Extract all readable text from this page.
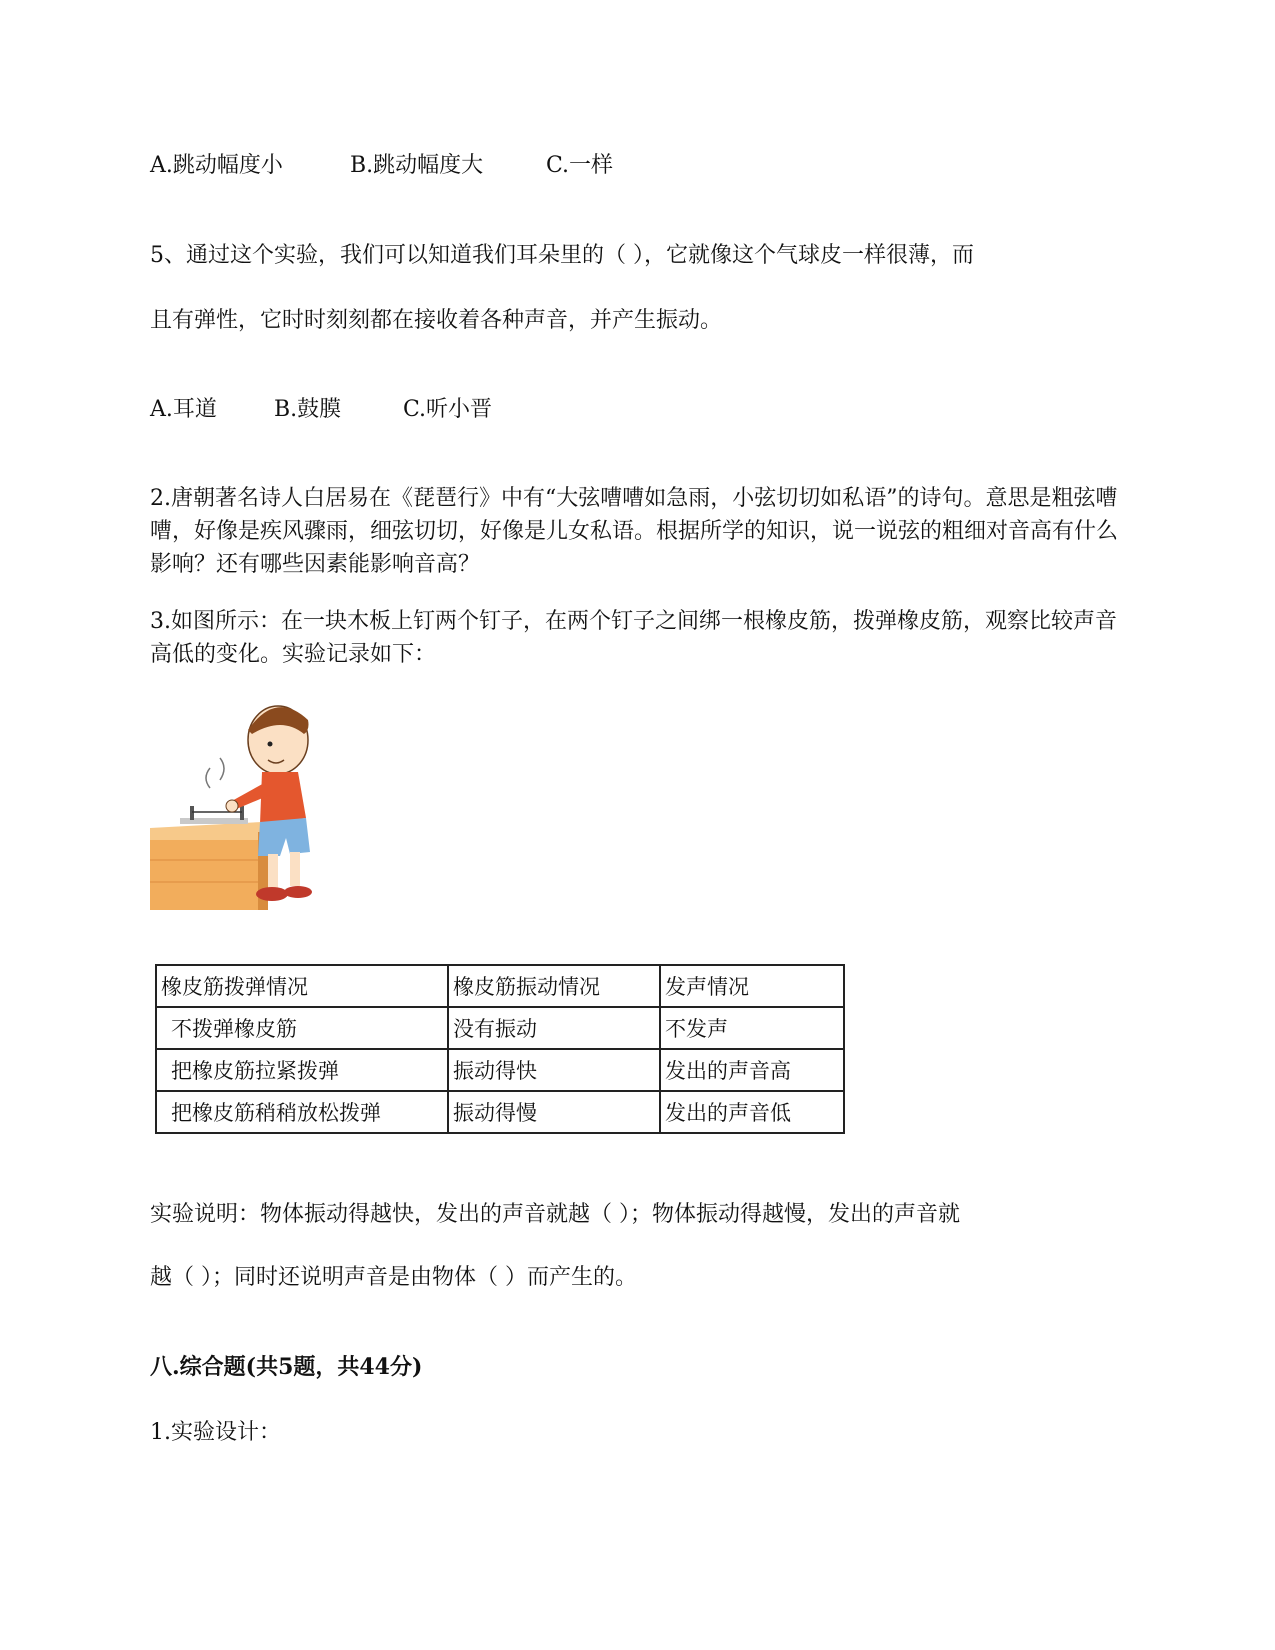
A.跳动幅度小	B.跳动幅度大	C.一样
5、通过这个实验，我们可以知道我们耳朵里的（ ），它就像这个气球皮一样很薄，而
且有弹性，它时时刻刻都在接收着各种声音，并产生振动。
A.耳道	B.鼓膜	C.听小晋
2.唐朝著名诗人白居易在《琵琶行》中有“大弦嘈嘈如急雨，小弦切切如私语”的诗句。意思是粗弦嘈嘈，好像是疾风骤雨，细弦切切，好像是儿女私语。根据所学的知识，说一说弦的粗细对音高有什么影响？还有哪些因素能影响音高？
3.如图所示：在一块木板上钉两个钉子，在两个钉子之间绑一根橡皮筋，拨弹橡皮筋，观察比较声音高低的变化。实验记录如下：
橡皮筋拨弹情况	橡皮筋振动情况	发声情况
不拨弹橡皮筋	没有振动	不发声
把橡皮筋拉紧拨弹	振动得快	发出的声音高
把橡皮筋稍稍放松拨弹	振动得慢	发出的声音低
实验说明：物体振动得越快，发出的声音就越（ ）；物体振动得越慢，发出的声音就
越（ ）；同时还说明声音是由物体（ ）而产生的。
八.综合题(共5题，共44分)
1.实验设计：
